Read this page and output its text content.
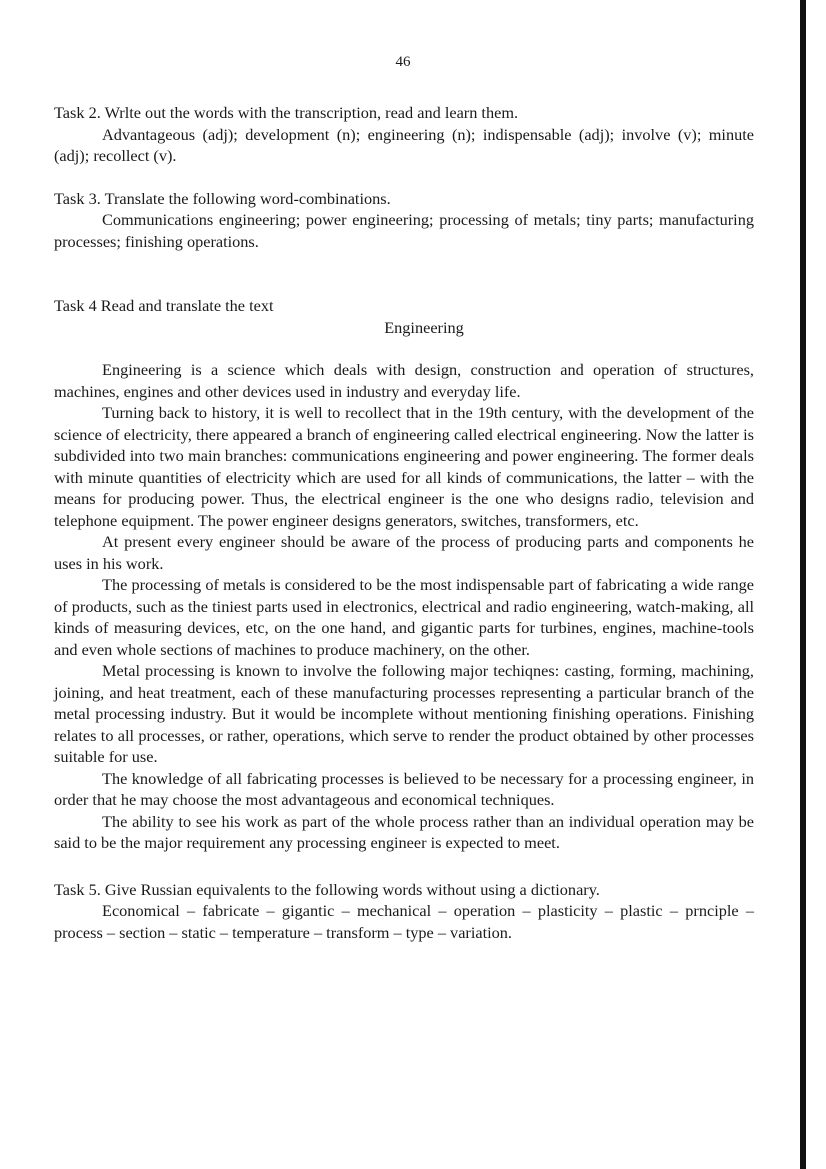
46

Task 2. Wrlte out the words with the transcription, read and learn them.

Advantageous (adj); development (n); engineering (n); indispensable (adj); involve (v); minute (adj); recollect (v).

Task 3. Translate the following word-combinations.

Communications engineering; power engineering; processing of metals; tiny parts; manufacturing processes; finishing operations.

Task 4 Read and translate the text

Engineering

Engineering is a science which deals with design, construction and operation of structures, machines, engines and other devices used in industry and everyday life.

Turning back to history, it is well to recollect that in the 19th century, with the development of the science of electricity, there appeared a branch of engineering called electrical engineering. Now the latter is subdivided into two main branches: communications engineering and power engineering. The former deals with minute quantities of electricity which are used for all kinds of communications, the latter – with the means for producing power. Thus, the electrical engineer is the one who designs radio, television and telephone equipment. The power engineer designs generators, switches, transformers, etc.

At present every engineer should be aware of the process of producing parts and components he uses in his work.

The processing of metals is considered to be the most indispensable part of fabricating a wide range of products, such as the tiniest parts used in electronics, electrical and radio engineering, watch-making, all kinds of measuring devices, etc, on the one hand, and gigantic parts for turbines, engines, machine-tools and even whole sections of machines to produce machinery, on the other.

Metal processing is known to involve the following major techiqnes: casting, forming, machining, joining, and heat treatment, each of these manufacturing processes representing a particular branch of the metal processing industry. But it would be incomplete without mentioning finishing operations. Finishing relates to all processes, or rather, operations, which serve to render the product obtained by other processes suitable for use.

The knowledge of all fabricating processes is believed to be necessary for a processing engineer, in order that he may choose the most advantageous and economical techniques.

The ability to see his work as part of the whole process rather than an individual operation may be said to be the major requirement any processing engineer is expected to meet.

Task 5. Give Russian equivalents to the following words without using a dictionary.

Economical – fabricate – gigantic – mechanical – operation – plasticity – plastic – prnciple – process – section – static – temperature – transform – type – variation.
